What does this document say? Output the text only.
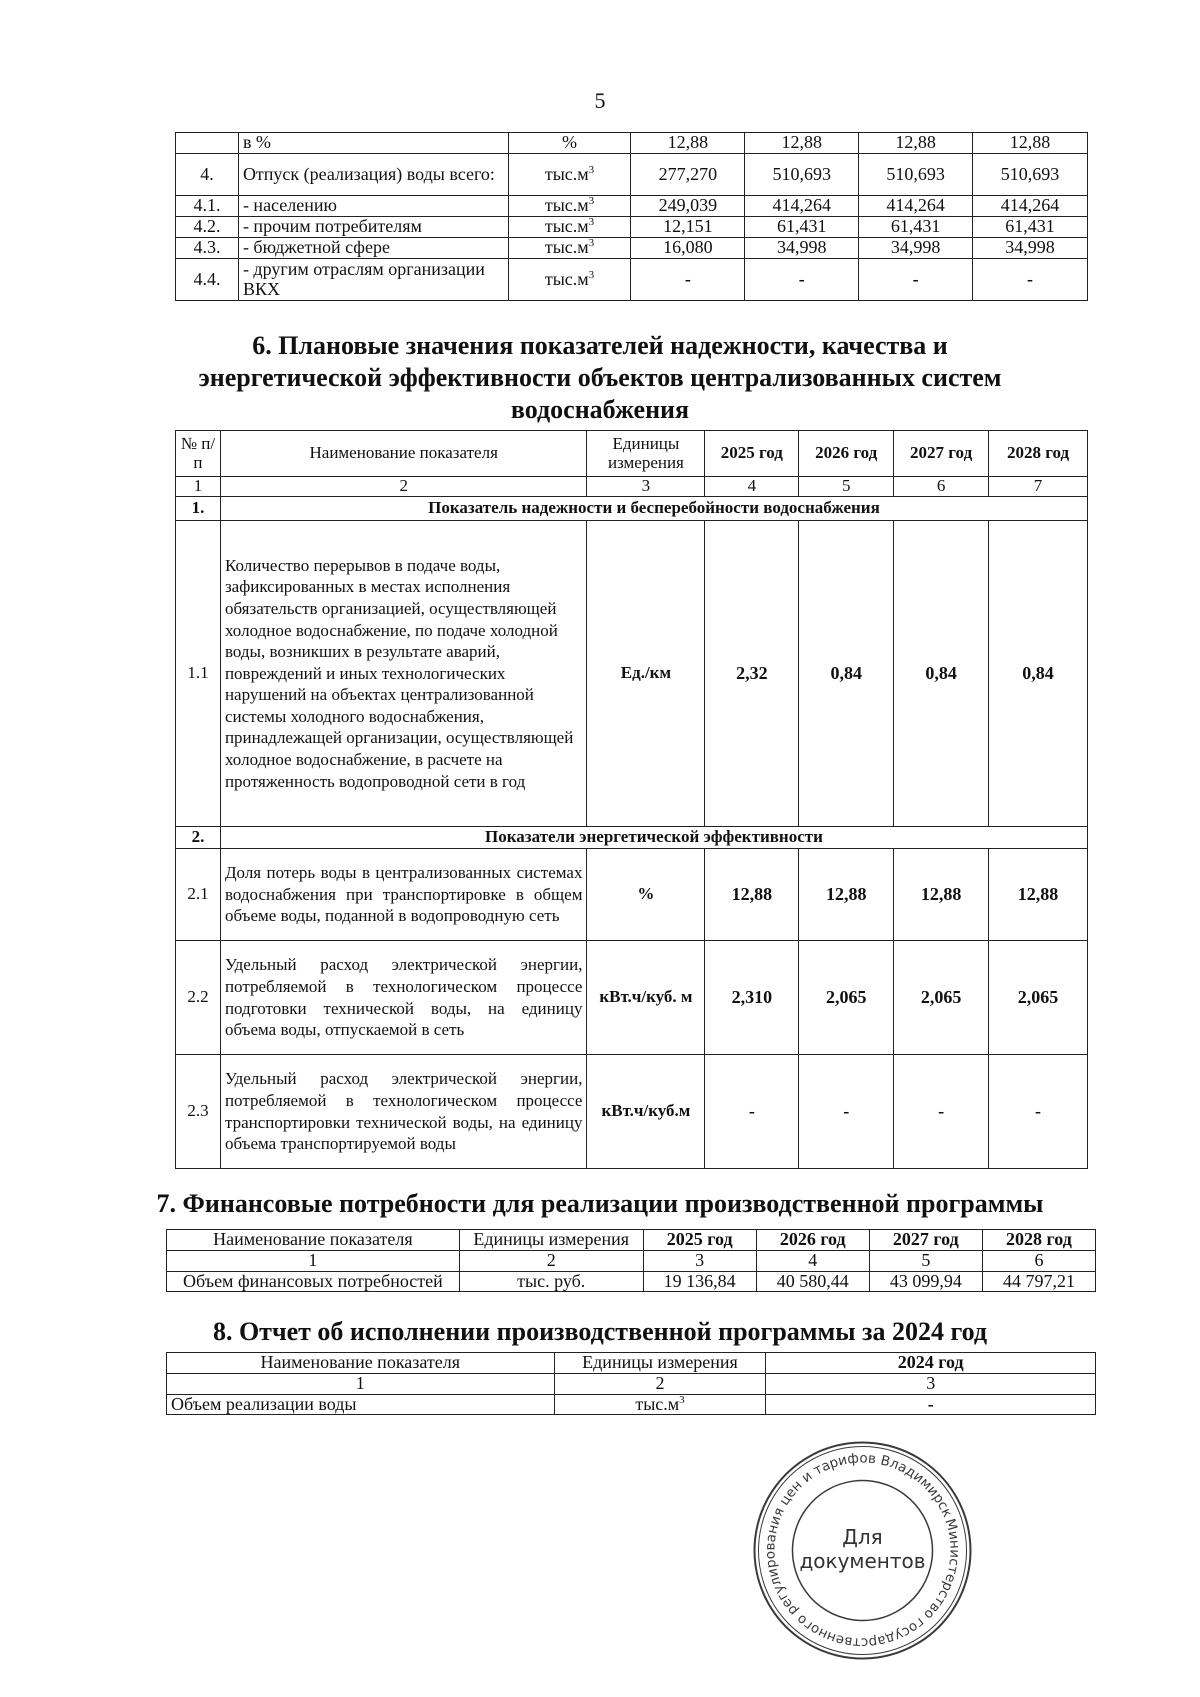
5
	в %	%	12,88	12,88	12,88	12,88
4.	Отпуск (реализация) воды всего:	$тыс.м^3$	277,270	510,693	510,693	510,693
4.1.	- населению	$тыс.м^3$	249,039	414,264	414,264	414,264
4.2.	- прочим потребителям	$тыс.м^3$	12,151	61,431	61,431	61,431
4.3.	- бюджетной сфере	$тыс.м^3$	16,080	34,998	34,998	34,998
4.4.	- другим отраслям организации ВКХ	$тыс.м^3$	-	-	-	-
6. Плановые значения показателей надежности, качества и
энергетической эффективности объектов централизованных систем
водоснабжения
№ п/п	Наименование показателя	Единицы измерения	2025 год	2026 год	2027 год	2028 год
1	2	3	4	5	6	7
1.	Показатель надежности и бесперебойности водоснабжения					
1.1	Количество перерывов в подаче воды, зафиксированных в местах исполнения обязательств организацией, осуществляющей холодное водоснабжение, по подаче холодной воды, возникших в результате аварий, повреждений и иных технологических нарушений на объектах централизованной системы холодного водоснабжения, принадлежащей организации, осуществляющей холодное водоснабжение, в расчете на протяженность водопроводной сети в год	Ед./км	2,32	0,84	0,84	0,84
2.	Показатели энергетической эффективности					
2.1	Доля потерь воды в централизованных системах водоснабжения при транспортировке в общем объеме воды, поданной в водопроводную сеть	%	12,88	12,88	12,88	12,88
2.2	Удельный расход электрической энергии, потребляемой в технологическом процессе подготовки технической воды, на единицу объема воды, отпускаемой в сеть	кВт.ч/куб. м	2,310	2,065	2,065	2,065
2.3	Удельный расход электрической энергии, потребляемой в технологическом процессе транспортировки технической воды, на единицу объема транспортируемой воды	кВт.ч/куб.м	-	-	-	-
7. Финансовые потребности для реализации производственной программы
Наименование показателя	Единицы измерения	2025 год	2026 год	2027 год	2028 год
1	2	3	4	5	6
Объем финансовых потребностей	тыс. руб.	19 136,84	40 580,44	43 099,94	44 797,21
8. Отчет об исполнении производственной программы за 2024 год
Наименование показателя	Единицы измерения	2024 год
1	2	3
Объем реализации воды	$тыс.м^3$	-
Министерство государственного регулирования цен и тарифов Владимирской
Для
документов
